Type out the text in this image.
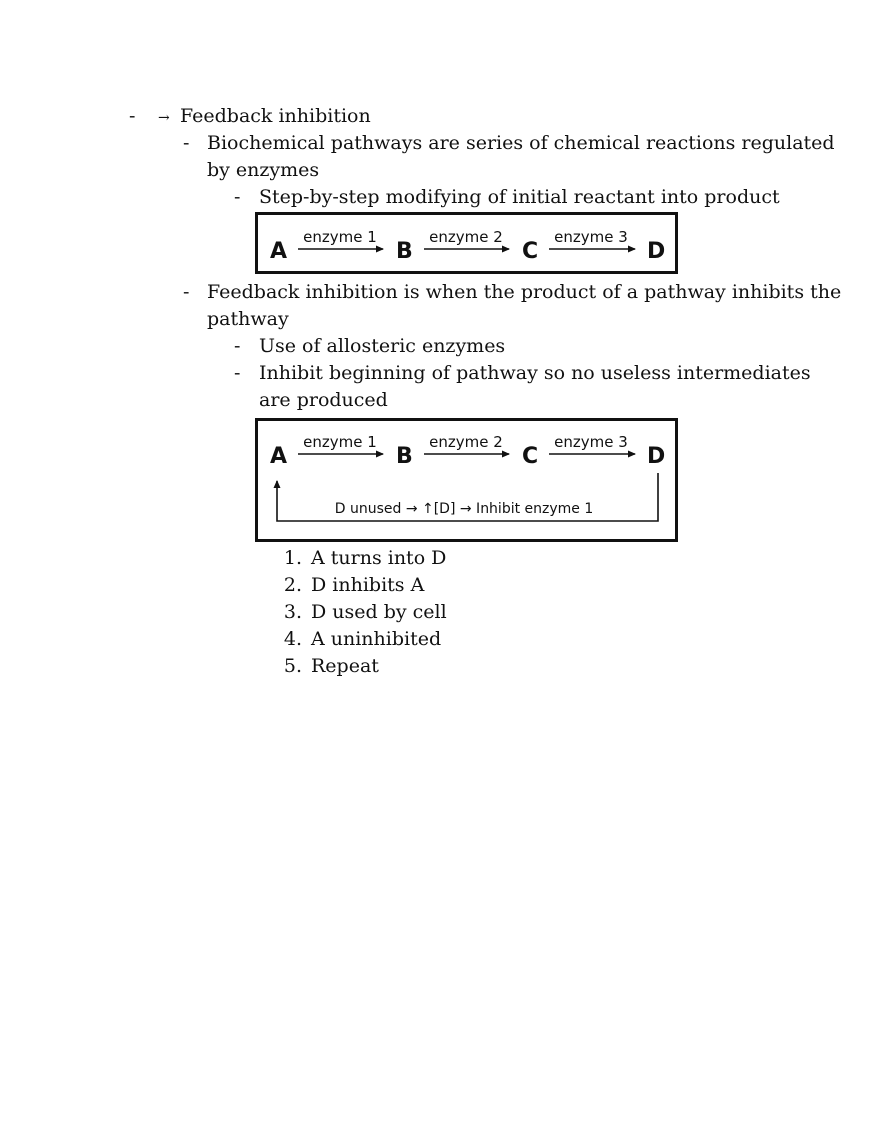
- → Feedback inhibition
- Biochemical pathways are series of chemical reactions regulated
by enzymes
- Step-by-step modifying of initial reactant into product
A	B	C	D
enzyme 1	enzyme 2	enzyme 3
- Feedback inhibition is when the product of a pathway inhibits the
pathway
- Use of allosteric enzymes
- Inhibit beginning of pathway so no useless intermediates
are produced
A	B	C	D
enzyme 1	enzyme 2	enzyme 3
D unused → ↑[D] → Inhibit enzyme 1
1. A turns into D
2. D inhibits A
3. D used by cell
4. A uninhibited
5. Repeat
